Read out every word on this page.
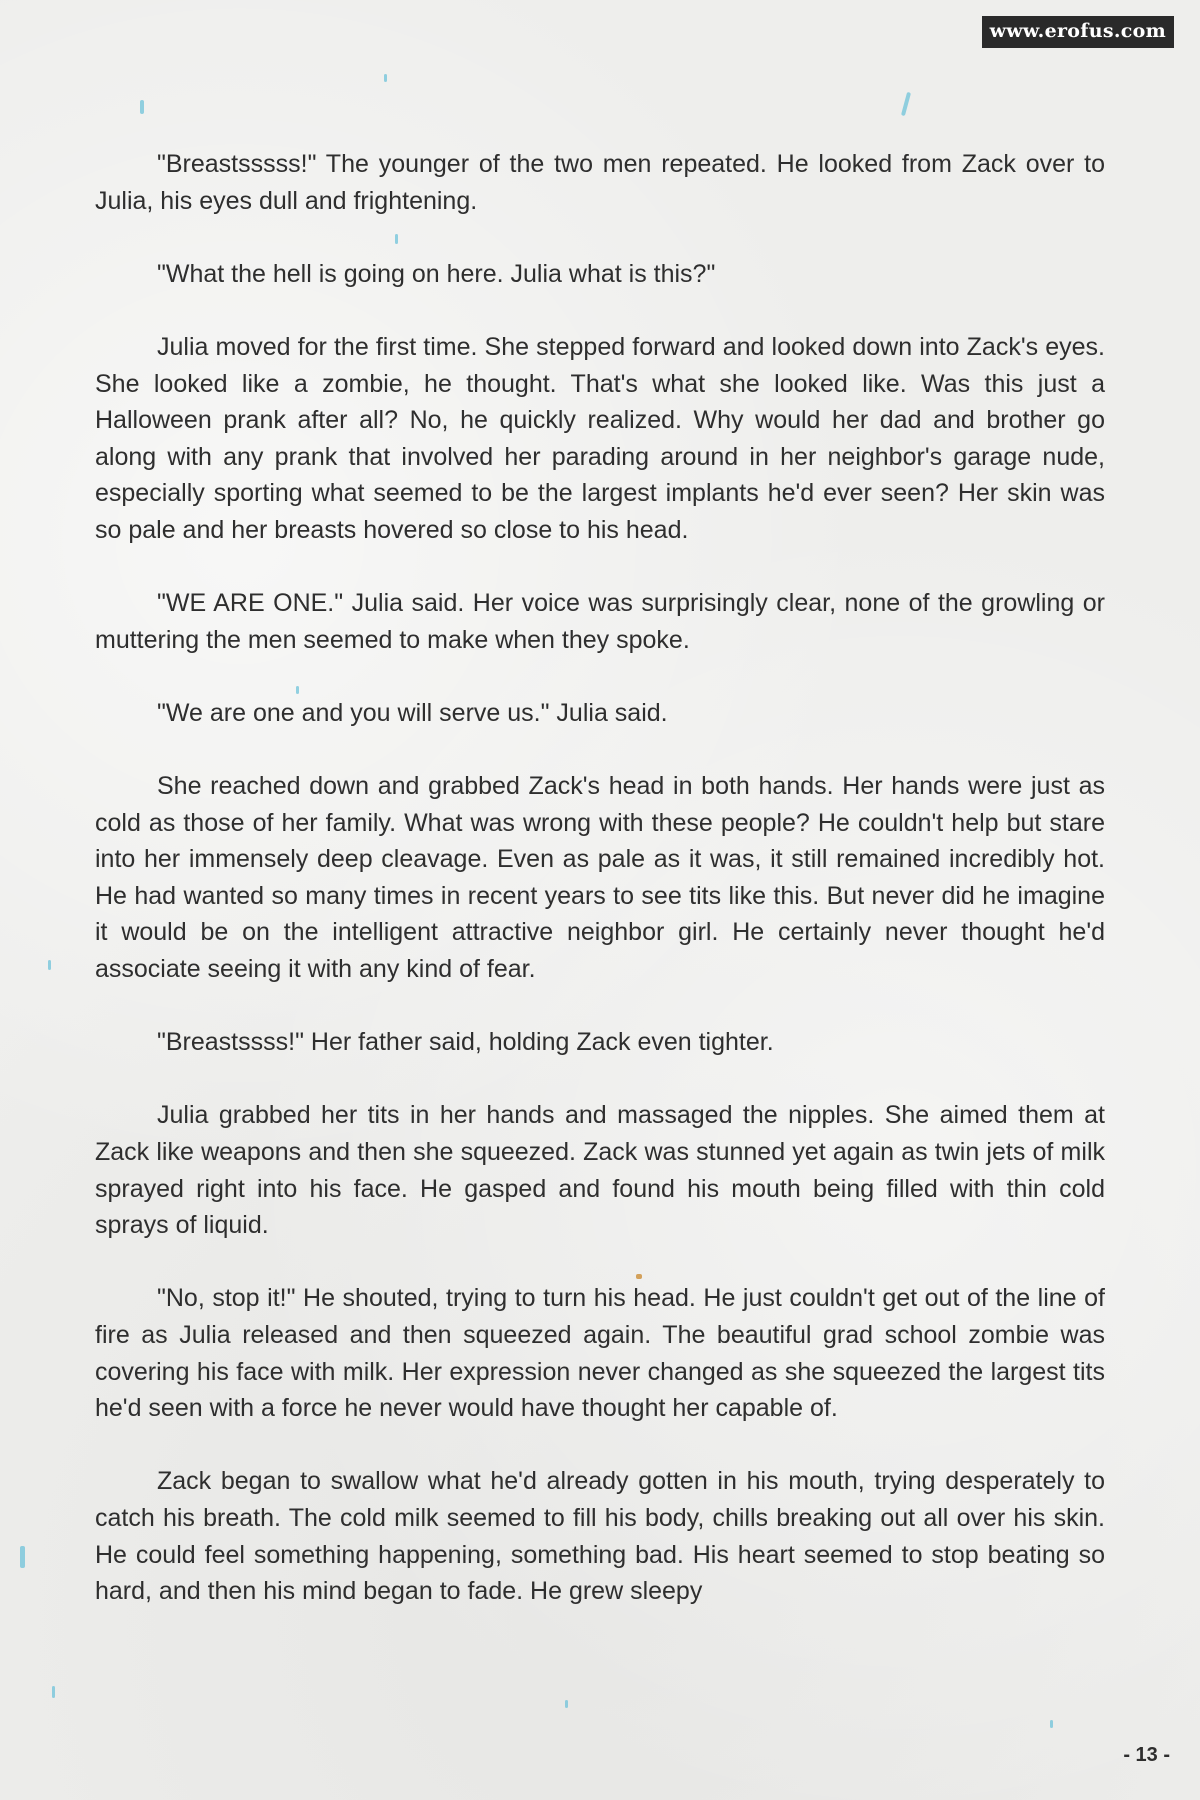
www.erofus.com

"Breastsssss!" The younger of the two men repeated. He looked from Zack over to Julia, his eyes dull and frightening.

"What the hell is going on here. Julia what is this?"

Julia moved for the first time. She stepped forward and looked down into Zack's eyes. She looked like a zombie, he thought. That's what she looked like. Was this just a Halloween prank after all? No, he quickly realized. Why would her dad and brother go along with any prank that involved her parading around in her neighbor's garage nude, especially sporting what seemed to be the largest implants he'd ever seen? Her skin was so pale and her breasts hovered so close to his head.

"WE ARE ONE." Julia said. Her voice was surprisingly clear, none of the growling or muttering the men seemed to make when they spoke.

"We are one and you will serve us." Julia said.

She reached down and grabbed Zack's head in both hands. Her hands were just as cold as those of her family. What was wrong with these people? He couldn't help but stare into her immensely deep cleavage. Even as pale as it was, it still remained incredibly hot. He had wanted so many times in recent years to see tits like this. But never did he imagine it would be on the intelligent attractive neighbor girl. He certainly never thought he'd associate seeing it with any kind of fear.

"Breastssss!" Her father said, holding Zack even tighter.

Julia grabbed her tits in her hands and massaged the nipples. She aimed them at Zack like weapons and then she squeezed. Zack was stunned yet again as twin jets of milk sprayed right into his face. He gasped and found his mouth being filled with thin cold sprays of liquid.

"No, stop it!" He shouted, trying to turn his head. He just couldn't get out of the line of fire as Julia released and then squeezed again. The beautiful grad school zombie was covering his face with milk. Her expression never changed as she squeezed the largest tits he'd seen with a force he never would have thought her capable of.

Zack began to swallow what he'd already gotten in his mouth, trying desperately to catch his breath. The cold milk seemed to fill his body, chills breaking out all over his skin. He could feel something happening, something bad. His heart seemed to stop beating so hard, and then his mind began to fade. He grew sleepy

- 13 -
